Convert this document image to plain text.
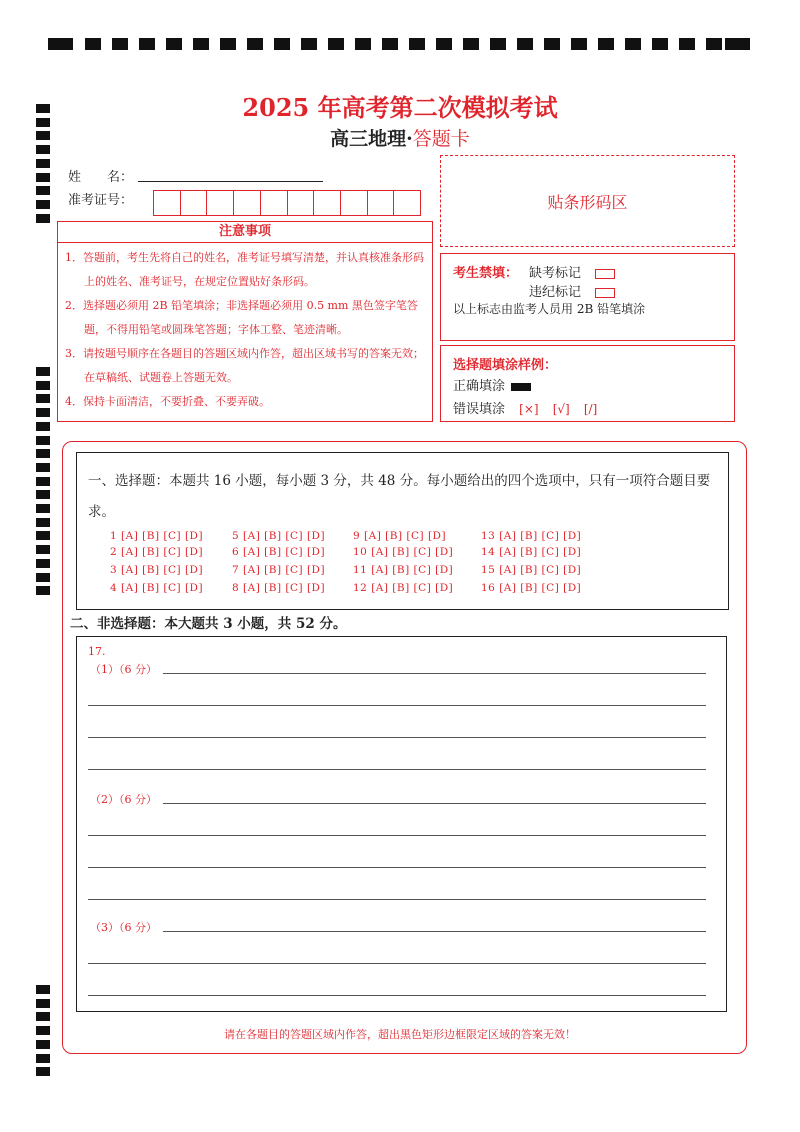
2025 年高考第二次模拟考试
高三地理·答题卡
姓　　名：
准考证号：	贴条形码区
注意事项
1．答题前，考生先将自己的姓名，准考证号填写清楚，并认真核准条形码上的姓名、准考证号，在规定位置贴好条形码。
2．选择题必须用 2B 铅笔填涂；非选择题必须用 0.5 mm 黑色签字笔答题，不得用铅笔或圆珠笔答题；字体工整、笔迹清晰。
3．请按题号顺序在各题目的答题区域内作答，超出区域书写的答案无效；在草稿纸、试题卷上答题无效。
4．保持卡面清洁，不要折叠、不要弄破。
考生禁填： 缺考标记
违纪标记
以上标志由监考人员用 2B 铅笔填涂
选择题填涂样例：
正确填涂
错误填涂 [×] [√] [/]
一、选择题：本题共 16 小题，每小题 3 分，共 48 分。每小题给出的四个选项中，只有一项符合题目要求。
1 [A] [B] [C] [D]	5 [A] [B] [C] [D]	9 [A] [B] [C] [D]	13 [A] [B] [C] [D]
2 [A] [B] [C] [D]	6 [A] [B] [C] [D]	10 [A] [B] [C] [D]	14 [A] [B] [C] [D]
3 [A] [B] [C] [D]	7 [A] [B] [C] [D]	11 [A] [B] [C] [D]	15 [A] [B] [C] [D]
4 [A] [B] [C] [D]	8 [A] [B] [C] [D]	12 [A] [B] [C] [D]	16 [A] [B] [C] [D]
二、非选择题：本大题共 3 小题，共 52 分。
17.
（1）（6 分）
（2）（6 分）
（3）（6 分）
请在各题目的答题区域内作答，超出黑色矩形边框限定区域的答案无效！
